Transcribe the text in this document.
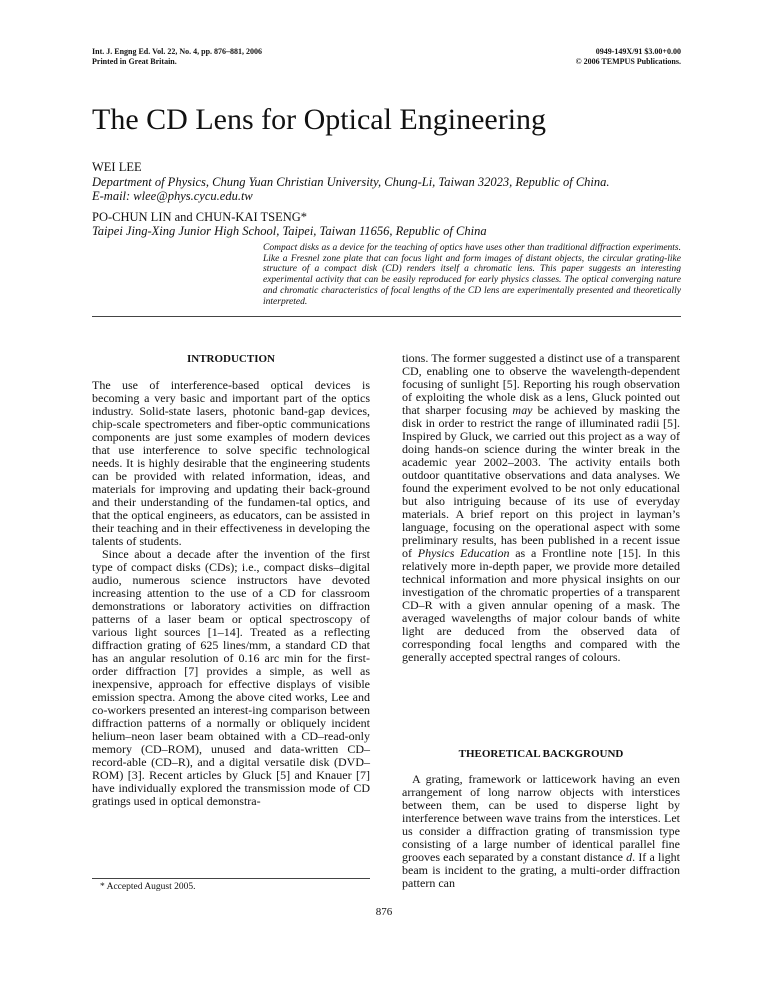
Int. J. Engng Ed. Vol. 22, No. 4, pp. 876–881, 2006
Printed in Great Britain.
0949-149X/91 $3.00+0.00
© 2006 TEMPUS Publications.
The CD Lens for Optical Engineering
WEI LEE
Department of Physics, Chung Yuan Christian University, Chung-Li, Taiwan 32023, Republic of China.
E-mail: wlee@phys.cycu.edu.tw
PO-CHUN LIN and CHUN-KAI TSENG*
Taipei Jing-Xing Junior High School, Taipei, Taiwan 11656, Republic of China
Compact disks as a device for the teaching of optics have uses other than traditional diffraction experiments. Like a Fresnel zone plate that can focus light and form images of distant objects, the circular grating-like structure of a compact disk (CD) renders itself a chromatic lens. This paper suggests an interesting experimental activity that can be easily reproduced for early physics classes. The optical converging nature and chromatic characteristics of focal lengths of the CD lens are experimentally presented and theoretically interpreted.
INTRODUCTION

The use of interference-based optical devices is becoming a very basic and important part of the optics industry. Solid-state lasers, photonic band-gap devices, chip-scale spectrometers and fiber-optic communications components are just some examples of modern devices that use interference to solve specific technological needs. It is highly desirable that the engineering students can be provided with related information, ideas, and materials for improving and updating their back-ground and their understanding of the fundamen-tal optics, and that the optical engineers, as educators, can be assisted in their teaching and in their effectiveness in developing the talents of students.

Since about a decade after the invention of the first type of compact disks (CDs); i.e., compact disks–digital audio, numerous science instructors have devoted increasing attention to the use of a CD for classroom demonstrations or laboratory activities on diffraction patterns of a laser beam or optical spectroscopy of various light sources [1–14]. Treated as a reflecting diffraction grating of 625 lines/mm, a standard CD that has an angular resolution of 0.16 arc min for the first-order diffraction [7] provides a simple, as well as inexpensive, approach for effective displays of visible emission spectra. Among the above cited works, Lee and co-workers presented an interest-ing comparison between diffraction patterns of a normally or obliquely incident helium–neon laser beam obtained with a CD–read-only memory (CD–ROM), unused and data-written CD–record-able (CD–R), and a digital versatile disk (DVD–ROM) [3]. Recent articles by Gluck [5] and Knauer [7] have individually explored the transmission mode of CD gratings used in optical demonstra-

tions. The former suggested a distinct use of a transparent CD, enabling one to observe the wavelength-dependent focusing of sunlight [5]. Reporting his rough observation of exploiting the whole disk as a lens, Gluck pointed out that sharper focusing may be achieved by masking the disk in order to restrict the range of illuminated radii [5]. Inspired by Gluck, we carried out this project as a way of doing hands-on science during the winter break in the academic year 2002–2003. The activity entails both outdoor quantitative observations and data analyses. We found the experiment evolved to be not only educational but also intriguing because of its use of everyday materials. A brief report on this project in layman’s language, focusing on the operational aspect with some preliminary results, has been published in a recent issue of Physics Education as a Frontline note [15]. In this relatively more in-depth paper, we provide more detailed technical information and more physical insights on our investigation of the chromatic properties of a transparent CD–R with a given annular opening of a mask. The averaged wavelengths of major colour bands of white light are deduced from the observed data of corresponding focal lengths and compared with the generally accepted spectral ranges of colours.

THEORETICAL BACKGROUND

A grating, framework or latticework having an even arrangement of long narrow objects with interstices between them, can be used to disperse light by interference between wave trains from the interstices. Let us consider a diffraction grating of transmission type consisting of a large number of identical parallel fine grooves each separated by a constant distance d. If a light beam is incident to the grating, a multi-order diffraction pattern can

* Accepted August 2005.
876
